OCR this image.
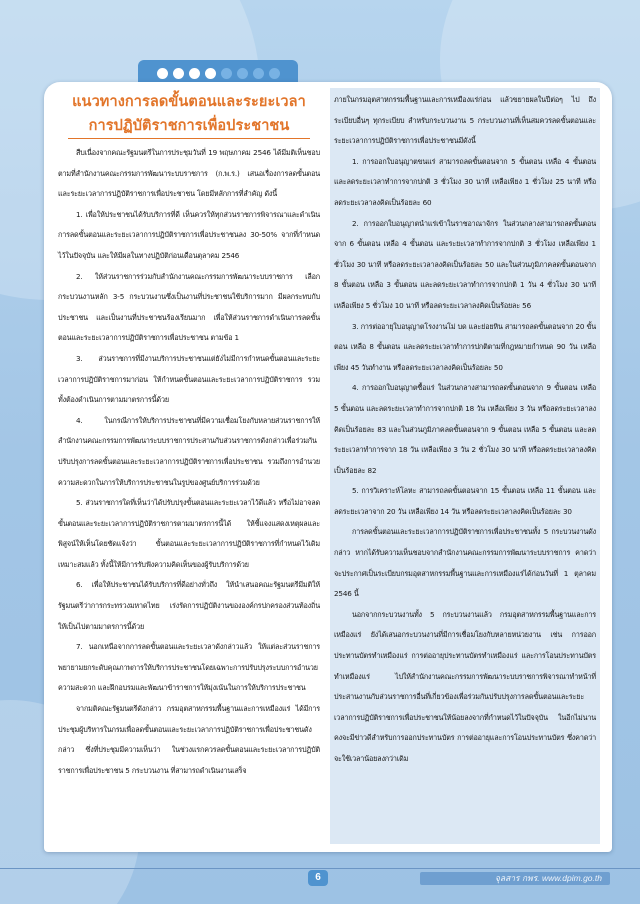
แนวทางการลดขั้นตอนและระยะเวลา
การปฏิบัติราชการเพื่อประชาชน

สืบเนื่องจากคณะรัฐมนตรีในการประชุมวันที่ 19 พฤษภาคม 2546 ได้มีมติเห็นชอบตามที่สำนักงานคณะกรรมการพัฒนาระบบราชการ (ก.พ.ร.) เสนอเรื่องการลดขั้นตอนและระยะเวลาการปฏิบัติราชการเพื่อประชาชน โดยมีหลักการที่สำคัญ ดังนี้

1. เพื่อให้ประชาชนได้รับบริการที่ดี เห็นควรให้ทุกส่วนราชการพิจารณาและดำเนินการลดขั้นตอนและระยะเวลาการปฏิบัติราชการเพื่อประชาชนลง 30-50% จากที่กำหนดไว้ในปัจจุบัน และให้มีผลในทางปฏิบัติก่อนเดือนตุลาคม 2546

2. ให้ส่วนราชการร่วมกับสำนักงานคณะกรรมการพัฒนาระบบราชการ เลือกกระบวนงานหลัก 3-5 กระบวนงานซึ่งเป็นงานที่ประชาชนใช้บริการมาก มีผลกระทบกับประชาชน และเป็นงานที่ประชาชนร้องเรียนมาก เพื่อให้ส่วนราชการดำเนินการลดขั้นตอนและระยะเวลาการปฏิบัติราชการเพื่อประชาชน ตามข้อ 1

3. ส่วนราชการที่มีงานบริการประชาชนแต่ยังไม่มีการกำหนดขั้นตอนและระยะเวลาการปฏิบัติราชการมาก่อน ให้กำหนดขั้นตอนและระยะเวลาการปฏิบัติราชการ รวมทั้งต้องดำเนินการตามมาตรการนี้ด้วย

4. ในกรณีการให้บริการประชาชนที่มีความเชื่อมโยงกับหลายส่วนราชการให้สำนักงานคณะกรรมการพัฒนาระบบราชการประสานกับส่วนราชการดังกล่าวเพื่อร่วมกันปรับปรุงการลดขั้นตอนและระยะเวลาการปฏิบัติราชการเพื่อประชาชน รวมถึงการอำนวยความสะดวกในการให้บริการประชาชนในรูปของศูนย์บริการร่วมด้วย

5. ส่วนราชการใดที่เห็นว่าได้ปรับปรุงขั้นตอนและระยะเวลาไว้ดีแล้ว หรือไม่อาจลดขั้นตอนและระยะเวลาการปฏิบัติราชการตามมาตรการนี้ได้ ให้ชี้แจงแสดงเหตุผลและพิสูจน์ให้เห็นโดยชัดแจ้งว่า ขั้นตอนและระยะเวลาการปฏิบัติราชการที่กำหนดไว้เดิมเหมาะสมแล้ว ทั้งนี้ให้มีการรับฟังความคิดเห็นของผู้รับบริการด้วย

6. เพื่อให้ประชาชนได้รับบริการที่ดีอย่างทั่วถึง ให้นำเสนอคณะรัฐมนตรีมีมติให้รัฐมนตรีว่าการกระทรวงมหาดไทย เร่งรัดการปฏิบัติงานขององค์กรปกครองส่วนท้องถิ่น ให้เป็นไปตามมาตรการนี้ด้วย

7. นอกเหนือจากการลดขั้นตอนและระยะเวลาดังกล่าวแล้ว ให้แต่ละส่วนราชการพยายามยกระดับคุณภาพการให้บริการประชาชนโดยเฉพาะการปรับปรุงระบบการอำนวยความสะดวก และฝึกอบรมและพัฒนาข้าราชการให้มุ่งเน้นในการให้บริการประชาชน

จากมติคณะรัฐมนตรีดังกล่าว กรมอุตสาหกรรมพื้นฐานและการเหมืองแร่ ได้มีการประชุมผู้บริหารในกรมเพื่อลดขั้นตอนและระยะเวลาการปฏิบัติราชการเพื่อประชาชนดังกล่าว ซึ่งที่ประชุมมีความเห็นว่า ในช่วงแรกควรลดขั้นตอนและระยะเวลาการปฏิบัติราชการเพื่อประชาชน 5 กระบวนงาน ที่สามารถดำเนินงานเสร็จ

ภายในกรมอุตสาหกรรมพื้นฐานและการเหมืองแร่ก่อน แล้วขยายผลในปีต่อๆ ไป ถึงระเบียบอื่นๆ ทุกระเบียบ สำหรับกระบวนงาน 5 กระบวนงานที่เห็นสมควรลดขั้นตอนและระยะเวลาการปฏิบัติราชการเพื่อประชาชนมีดังนี้

1. การออกใบอนุญาตขนแร่ สามารถลดขั้นตอนจาก 5 ขั้นตอน เหลือ 4 ขั้นตอน และลดระยะเวลาทำการจากปกติ 3 ชั่วโมง 30 นาที เหลือเพียง 1 ชั่วโมง 25 นาที หรือลดระยะเวลาลงคิดเป็นร้อยละ 60

2. การออกใบอนุญาตนำแร่เข้าในราชอาณาจักร ในส่วนกลางสามารถลดขั้นตอนจาก 6 ขั้นตอน เหลือ 4 ขั้นตอน และระยะเวลาทำการจากปกติ 3 ชั่วโมง เหลือเพียง 1 ชั่วโมง 30 นาที หรือลดระยะเวลาลงคิดเป็นร้อยละ 50 และในส่วนภูมิภาคลดขั้นตอนจาก 8 ขั้นตอน เหลือ 3 ขั้นตอน และลดระยะเวลาทำการจากปกติ 1 วัน 4 ชั่วโมง 30 นาที เหลือเพียง 5 ชั่วโมง 10 นาที หรือลดระยะเวลาลงคิดเป็นร้อยละ 56

3. การต่ออายุใบอนุญาตโรงงานโม่ บด และย่อยหิน สามารถลดขั้นตอนจาก 20 ขั้นตอน เหลือ 8 ขั้นตอน และลดระยะเวลาทำการปกติตามที่กฎหมายกำหนด 90 วัน เหลือเพียง 45 วันทำงาน หรือลดระยะเวลาลงคิดเป็นร้อยละ 50

4. การออกใบอนุญาตซื้อแร่ ในส่วนกลางสามารถลดขั้นตอนจาก 9 ขั้นตอน เหลือ 5 ขั้นตอน และลดระยะเวลาทำการจากปกติ 18 วัน เหลือเพียง 3 วัน หรือลดระยะเวลาลงคิดเป็นร้อยละ 83 และในส่วนภูมิภาคลดขั้นตอนจาก 9 ขั้นตอน เหลือ 5 ขั้นตอน และลดระยะเวลาทำการจาก 18 วัน เหลือเพียง 3 วัน 2 ชั่วโมง 30 นาที หรือลดระยะเวลาลงคิดเป็นร้อยละ 82

5. การวิเคราะห์โลหะ สามารถลดขั้นตอนจาก 15 ขั้นตอน เหลือ 11 ขั้นตอน และลดระยะเวลาจาก 20 วัน เหลือเพียง 14 วัน หรือลดระยะเวลาลงคิดเป็นร้อยละ 30

การลดขั้นตอนและระยะเวลาการปฏิบัติราชการเพื่อประชาชนทั้ง 5 กระบวนงานดังกล่าว หากได้รับความเห็นชอบจากสำนักงานคณะกรรมการพัฒนาระบบราชการ คาดว่าจะประกาศเป็นระเบียบกรมอุตสาหกรรมพื้นฐานและการเหมืองแร่ได้ก่อนวันที่ 1 ตุลาคม 2546 นี้

นอกจากกระบวนงานทั้ง 5 กระบวนงานแล้ว กรมอุตสาหกรรมพื้นฐานและการเหมืองแร่ ยังได้เสนอกระบวนงานที่มีการเชื่อมโยงกับหลายหน่วยงาน เช่น การออกประทานบัตรทำเหมืองแร่ การต่ออายุประทานบัตรทำเหมืองแร่ และการโอนประทานบัตรทำเหมืองแร่ ไปให้สำนักงานคณะกรรมการพัฒนาระบบราชการพิจารณาทำหน้าที่ประสานงานกับส่วนราชการอื่นที่เกี่ยวข้องเพื่อร่วมกันปรับปรุงการลดขั้นตอนและระยะเวลาการปฏิบัติราชการเพื่อประชาชนให้น้อยลงจากที่กำหนดไว้ในปัจจุบัน ในอีกไม่นานคงจะมีข่าวดีสำหรับการออกประทานบัตร การต่ออายุและการโอนประทานบัตร ซึ่งคาดว่าจะใช้เวลาน้อยลงกว่าเดิม

6	จุลสาร กพร. www.dpim.go.th
